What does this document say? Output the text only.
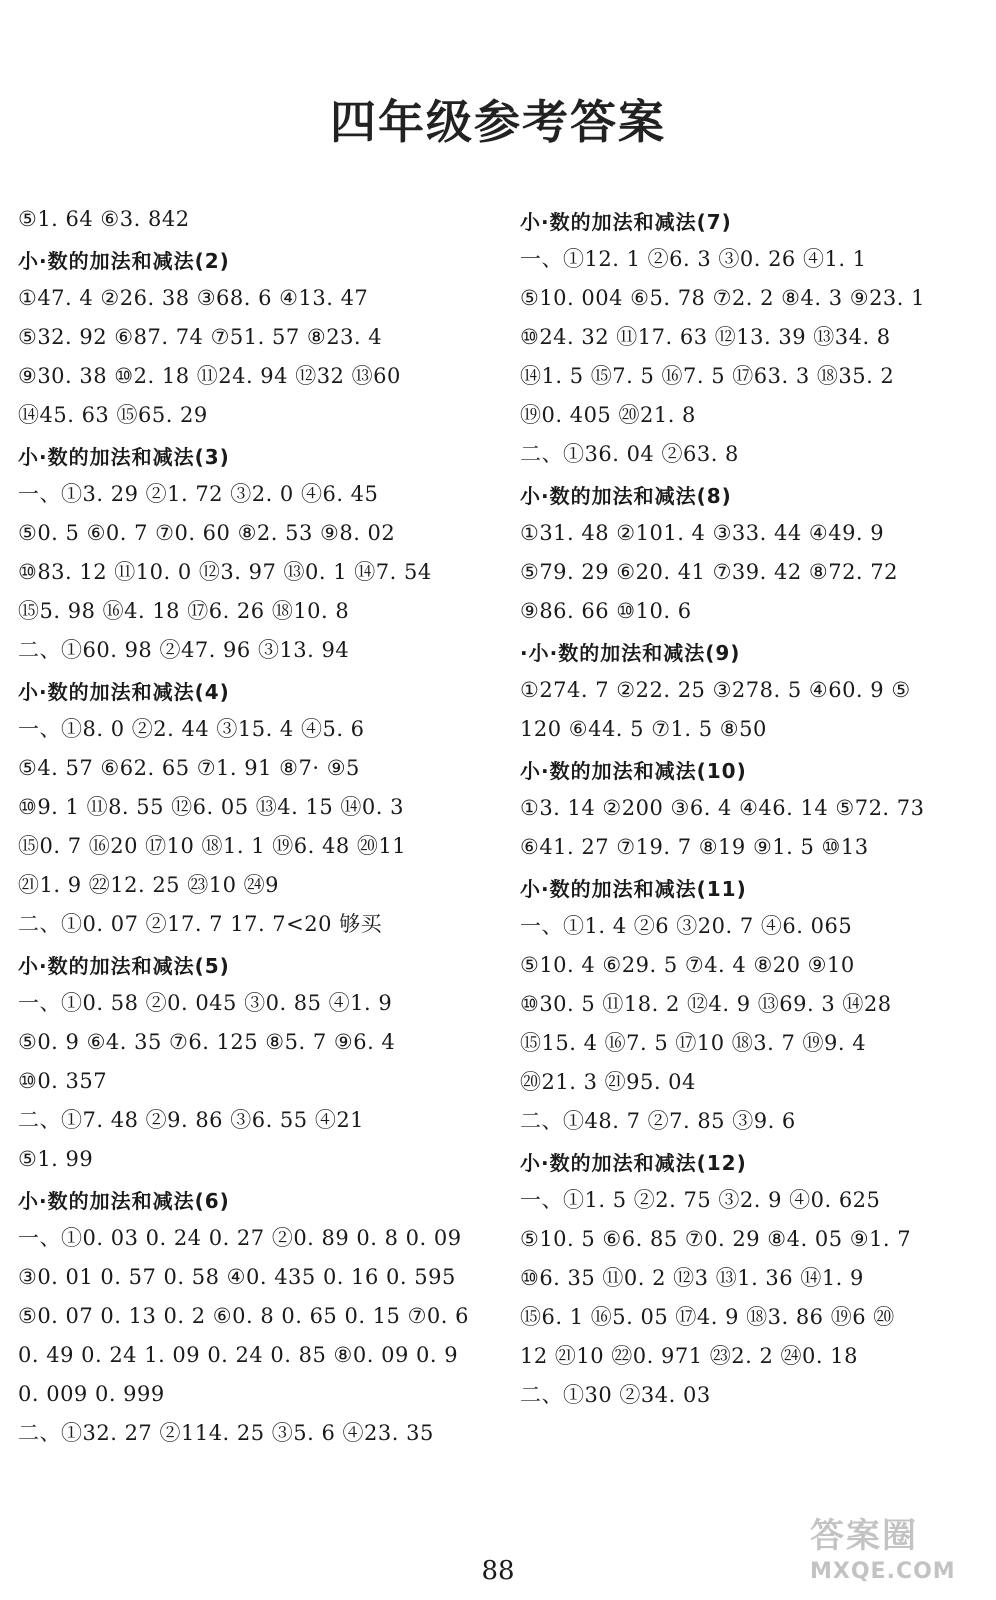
四年级参考答案
⑤1. 64 ⑥3. 842
小·数的加法和减法(2)
①47. 4 ②26. 38 ③68. 6 ④13. 47
⑤32. 92 ⑥87. 74 ⑦51. 57 ⑧23. 4
⑨30. 38 ⑩2. 18 ⑪24. 94 ⑫32 ⑬60
⑭45. 63 ⑮65. 29
小·数的加法和减法(3)
一、①3. 29 ②1. 72 ③2. 0 ④6. 45
⑤0. 5 ⑥0. 7 ⑦0. 60 ⑧2. 53 ⑨8. 02
⑩83. 12 ⑪10. 0 ⑫3. 97 ⑬0. 1 ⑭7. 54
⑮5. 98 ⑯4. 18 ⑰6. 26 ⑱10. 8
二、①60. 98 ②47. 96 ③13. 94
小·数的加法和减法(4)
一、①8. 0 ②2. 44 ③15. 4 ④5. 6
⑤4. 57 ⑥62. 65 ⑦1. 91 ⑧7· ⑨5
⑩9. 1 ⑪8. 55 ⑫6. 05 ⑬4. 15 ⑭0. 3
⑮0. 7 ⑯20 ⑰10 ⑱1. 1 ⑲6. 48 ⑳11
㉑1. 9 ㉒12. 25 ㉓10 ㉔9
二、①0. 07 ②17. 7 17. 7<20 够买
小·数的加法和减法(5)
一、①0. 58 ②0. 045 ③0. 85 ④1. 9
⑤0. 9 ⑥4. 35 ⑦6. 125 ⑧5. 7 ⑨6. 4
⑩0. 357
二、①7. 48 ②9. 86 ③6. 55 ④21
⑤1. 99
小·数的加法和减法(6)
一、①0. 03 0. 24 0. 27 ②0. 89 0. 8 0. 09
③0. 01 0. 57 0. 58 ④0. 435 0. 16 0. 595
⑤0. 07 0. 13 0. 2 ⑥0. 8 0. 65 0. 15 ⑦0. 6
0. 49 0. 24 1. 09 0. 24 0. 85 ⑧0. 09 0. 9
0. 009 0. 999
二、①32. 27 ②114. 25 ③5. 6 ④23. 35
小·数的加法和减法(7)
一、①12. 1 ②6. 3 ③0. 26 ④1. 1
⑤10. 004 ⑥5. 78 ⑦2. 2 ⑧4. 3 ⑨23. 1
⑩24. 32 ⑪17. 63 ⑫13. 39 ⑬34. 8
⑭1. 5 ⑮7. 5 ⑯7. 5 ⑰63. 3 ⑱35. 2
⑲0. 405 ⑳21. 8
二、①36. 04 ②63. 8
小·数的加法和减法(8)
①31. 48 ②101. 4 ③33. 44 ④49. 9
⑤79. 29 ⑥20. 41 ⑦39. 42 ⑧72. 72
⑨86. 66 ⑩10. 6
·小·数的加法和减法(9)
①274. 7 ②22. 25 ③278. 5 ④60. 9 ⑤
120 ⑥44. 5 ⑦1. 5 ⑧50
小·数的加法和减法(10)
①3. 14 ②200 ③6. 4 ④46. 14 ⑤72. 73
⑥41. 27 ⑦19. 7 ⑧19 ⑨1. 5 ⑩13
小·数的加法和减法(11)
一、①1. 4 ②6 ③20. 7 ④6. 065
⑤10. 4 ⑥29. 5 ⑦4. 4 ⑧20 ⑨10
⑩30. 5 ⑪18. 2 ⑫4. 9 ⑬69. 3 ⑭28
⑮15. 4 ⑯7. 5 ⑰10 ⑱3. 7 ⑲9. 4
⑳21. 3 ㉑95. 04
二、①48. 7 ②7. 85 ③9. 6
小·数的加法和减法(12)
一、①1. 5 ②2. 75 ③2. 9 ④0. 625
⑤10. 5 ⑥6. 85 ⑦0. 29 ⑧4. 05 ⑨1. 7
⑩6. 35 ⑪0. 2 ⑫3 ⑬1. 36 ⑭1. 9
⑮6. 1 ⑯5. 05 ⑰4. 9 ⑱3. 86 ⑲6 ⑳
12 ㉑10 ㉒0. 971 ㉓2. 2 ㉔0. 18
二、①30 ②34. 03
88
答案圈
MXQE.COM
